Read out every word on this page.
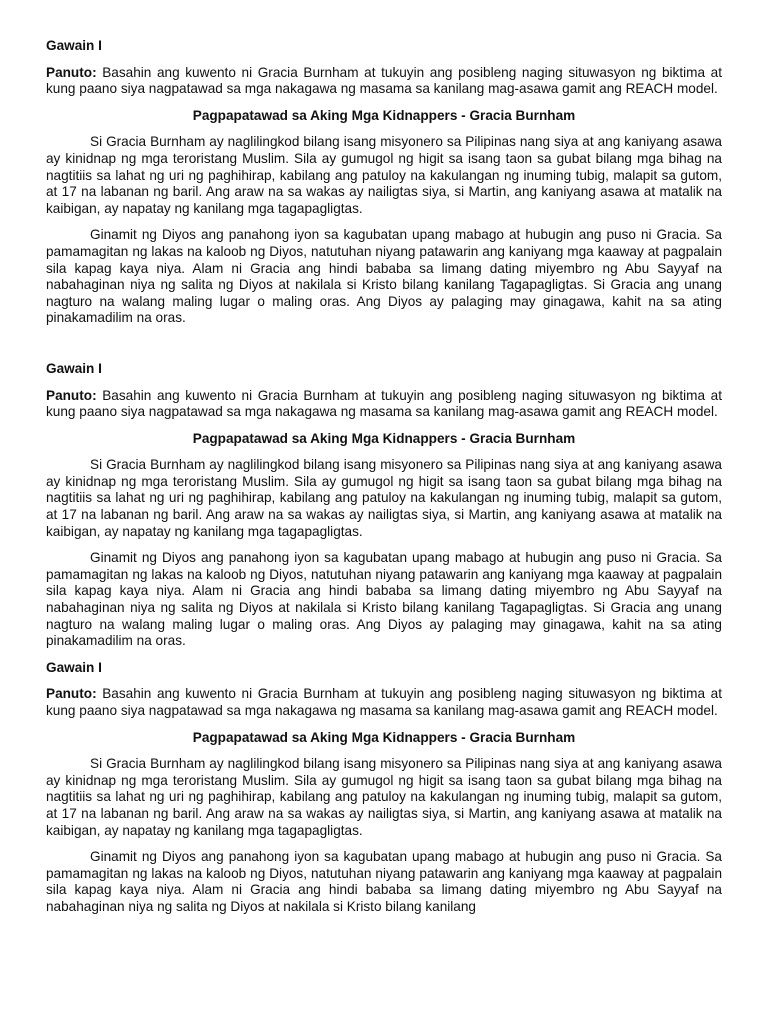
Gawain I
Panuto: Basahin ang kuwento ni Gracia Burnham at tukuyin ang posibleng naging situwasyon ng biktima at kung paano siya nagpatawad sa mga nakagawa ng masama sa kanilang mag-asawa gamit ang REACH model.
Pagpapatawad sa Aking Mga Kidnappers - Gracia Burnham
Si Gracia Burnham ay naglilingkod bilang isang misyonero sa Pilipinas nang siya at ang kaniyang asawa ay kinidnap ng mga teroristang Muslim. Sila ay gumugol ng higit sa isang taon sa gubat bilang mga bihag na nagtitiis sa lahat ng uri ng paghihirap, kabilang ang patuloy na kakulangan ng inuming tubig, malapit sa gutom, at 17 na labanan ng baril. Ang araw na sa wakas ay nailigtas siya, si Martin, ang kaniyang asawa at matalik na kaibigan, ay napatay ng kanilang mga tagapagligtas.
Ginamit ng Diyos ang panahong iyon sa kagubatan upang mabago at hubugin ang puso ni Gracia. Sa pamamagitan ng lakas na kaloob ng Diyos, natutuhan niyang patawarin ang kaniyang mga kaaway at pagpalain sila kapag kaya niya. Alam ni Gracia ang hindi bababa sa limang dating miyembro ng Abu Sayyaf na nabahaginan niya ng salita ng Diyos at nakilala si Kristo bilang kanilang Tagapagligtas. Si Gracia ang unang nagturo na walang maling lugar o maling oras. Ang Diyos ay palaging may ginagawa, kahit na sa ating pinakamadilim na oras.
Gawain I
Panuto: Basahin ang kuwento ni Gracia Burnham at tukuyin ang posibleng naging situwasyon ng biktima at kung paano siya nagpatawad sa mga nakagawa ng masama sa kanilang mag-asawa gamit ang REACH model.
Pagpapatawad sa Aking Mga Kidnappers - Gracia Burnham
Si Gracia Burnham ay naglilingkod bilang isang misyonero sa Pilipinas nang siya at ang kaniyang asawa ay kinidnap ng mga teroristang Muslim. Sila ay gumugol ng higit sa isang taon sa gubat bilang mga bihag na nagtitiis sa lahat ng uri ng paghihirap, kabilang ang patuloy na kakulangan ng inuming tubig, malapit sa gutom, at 17 na labanan ng baril. Ang araw na sa wakas ay nailigtas siya, si Martin, ang kaniyang asawa at matalik na kaibigan, ay napatay ng kanilang mga tagapagligtas.
Ginamit ng Diyos ang panahong iyon sa kagubatan upang mabago at hubugin ang puso ni Gracia. Sa pamamagitan ng lakas na kaloob ng Diyos, natutuhan niyang patawarin ang kaniyang mga kaaway at pagpalain sila kapag kaya niya. Alam ni Gracia ang hindi bababa sa limang dating miyembro ng Abu Sayyaf na nabahaginan niya ng salita ng Diyos at nakilala si Kristo bilang kanilang Tagapagligtas. Si Gracia ang unang nagturo na walang maling lugar o maling oras. Ang Diyos ay palaging may ginagawa, kahit na sa ating pinakamadilim na oras.
Gawain I
Panuto: Basahin ang kuwento ni Gracia Burnham at tukuyin ang posibleng naging situwasyon ng biktima at kung paano siya nagpatawad sa mga nakagawa ng masama sa kanilang mag-asawa gamit ang REACH model.
Pagpapatawad sa Aking Mga Kidnappers - Gracia Burnham
Si Gracia Burnham ay naglilingkod bilang isang misyonero sa Pilipinas nang siya at ang kaniyang asawa ay kinidnap ng mga teroristang Muslim. Sila ay gumugol ng higit sa isang taon sa gubat bilang mga bihag na nagtitiis sa lahat ng uri ng paghihirap, kabilang ang patuloy na kakulangan ng inuming tubig, malapit sa gutom, at 17 na labanan ng baril. Ang araw na sa wakas ay nailigtas siya, si Martin, ang kaniyang asawa at matalik na kaibigan, ay napatay ng kanilang mga tagapagligtas.
Ginamit ng Diyos ang panahong iyon sa kagubatan upang mabago at hubugin ang puso ni Gracia. Sa pamamagitan ng lakas na kaloob ng Diyos, natutuhan niyang patawarin ang kaniyang mga kaaway at pagpalain sila kapag kaya niya. Alam ni Gracia ang hindi bababa sa limang dating miyembro ng Abu Sayyaf na nabahaginan niya ng salita ng Diyos at nakilala si Kristo bilang kanilang
